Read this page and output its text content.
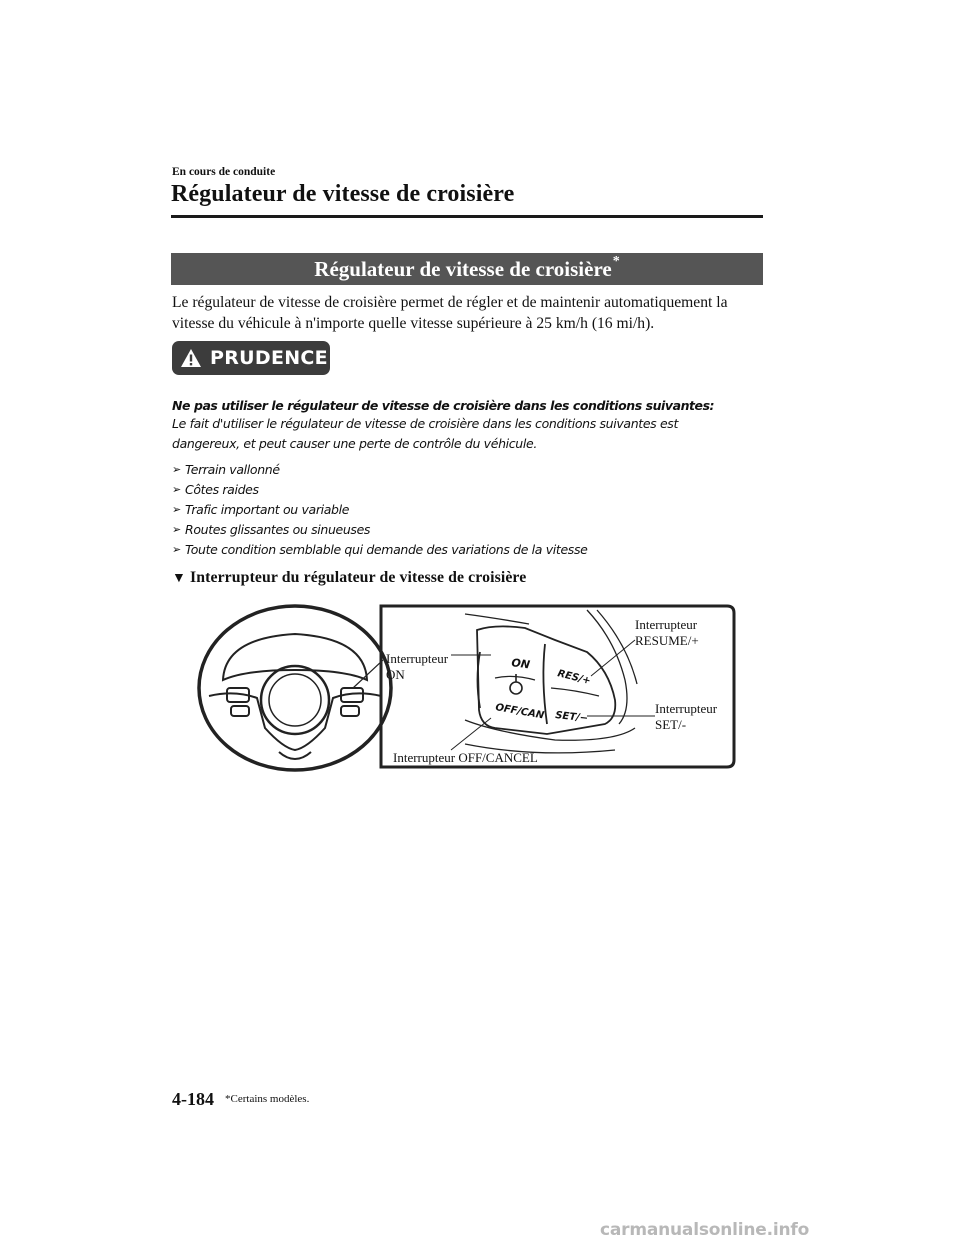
En cours de conduite
Régulateur de vitesse de croisière
Régulateur de vitesse de croisière*
Le régulateur de vitesse de croisière permet de régler et de maintenir automatiquement la vitesse du véhicule à n'importe quelle vitesse supérieure à 25 km/h (16 mi/h).
PRUDENCE
Ne pas utiliser le régulateur de vitesse de croisière dans les conditions suivantes:
Le fait d'utiliser le régulateur de vitesse de croisière dans les conditions suivantes est dangereux, et peut causer une perte de contrôle du véhicule.
➢ Terrain vallonné
➢ Côtes raides
➢ Trafic important ou variable
➢ Routes glissantes ou sinueuses
➢ Toute condition semblable qui demande des variations de la vitesse
▼ Interrupteur du régulateur de vitesse de croisière
ON
OFF/CAN
RES/+
SET/−
Interrupteur
ON
Interrupteur
RESUME/+
Interrupteur
SET/-
Interrupteur OFF/CANCEL
4-184 *Certains modèles.
carmanualsonline.info
